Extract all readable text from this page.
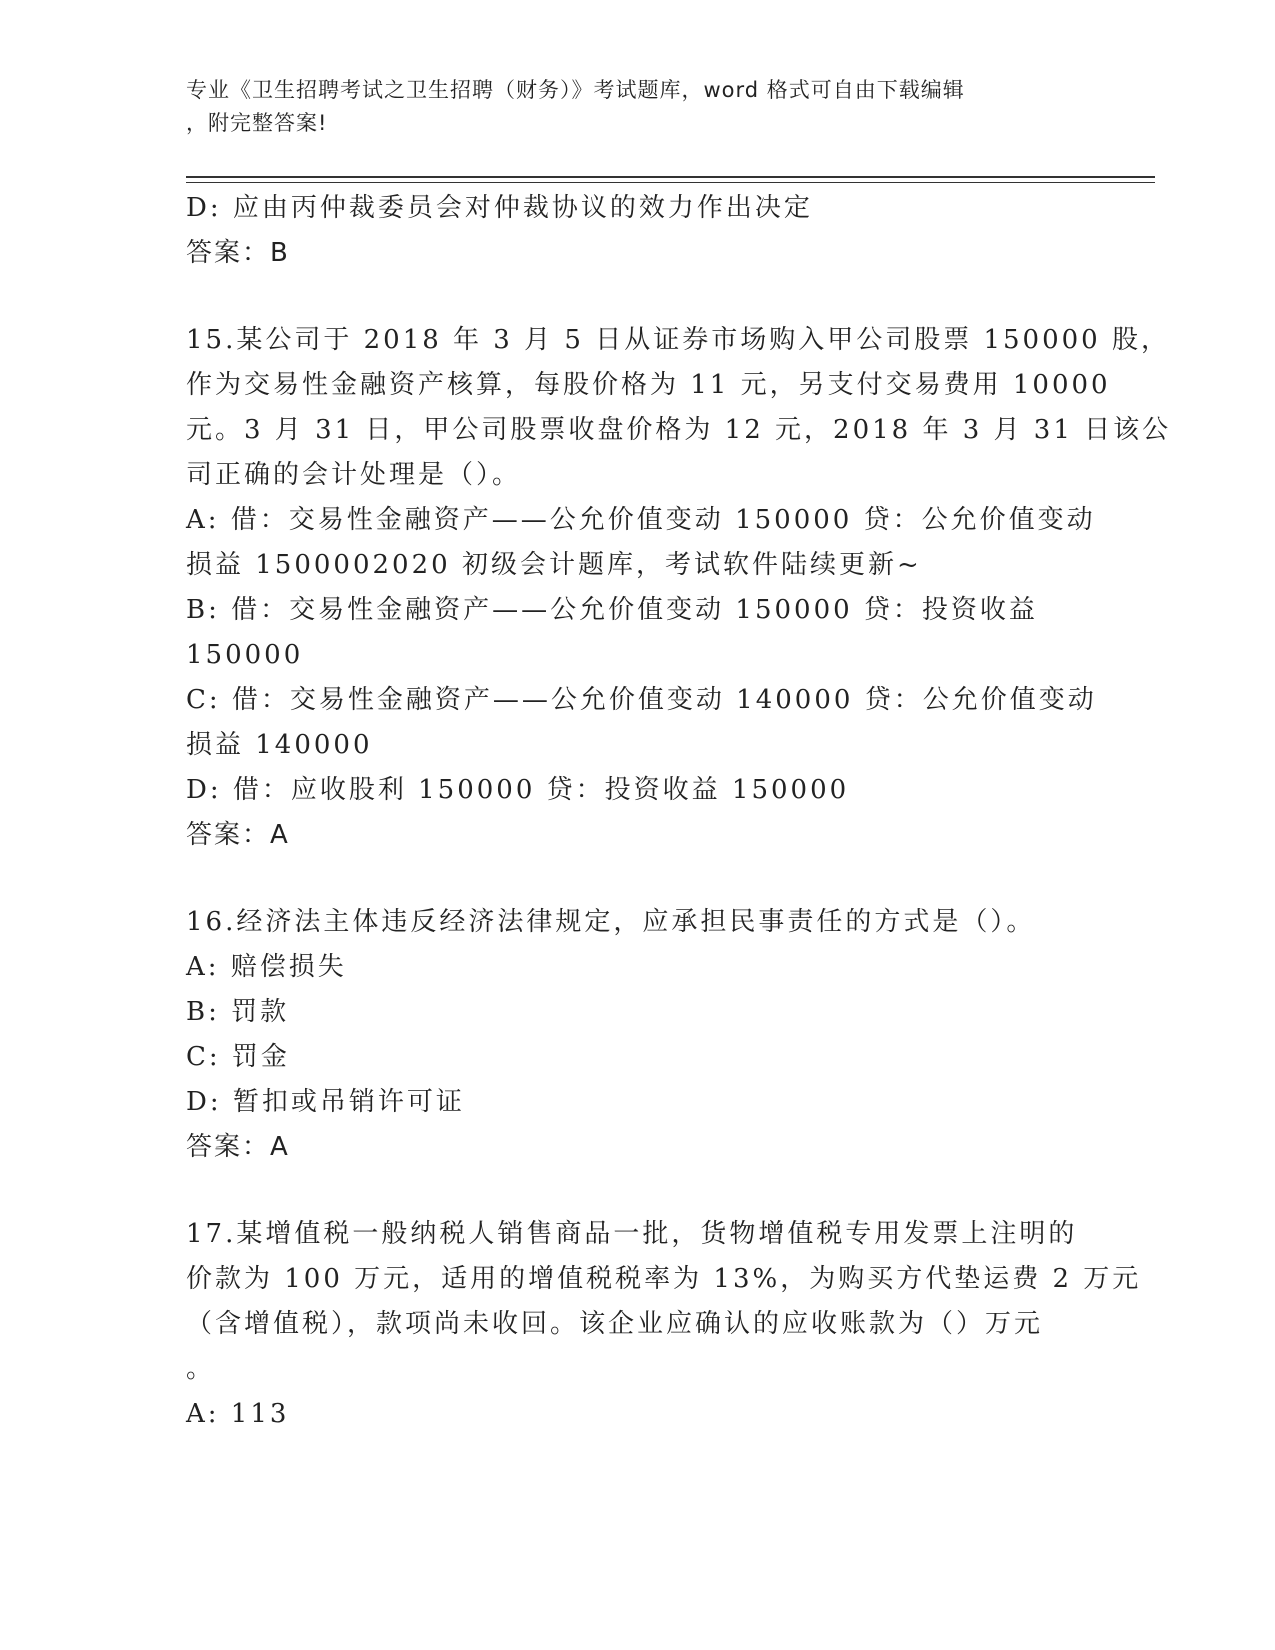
专业《卫生招聘考试之卫生招聘（财务）》考试题库，word 格式可自由下载编辑
，附完整答案!
D: 应由丙仲裁委员会对仲裁协议的效力作出决定
答案：B
15.某公司于 2018 年 3 月 5 日从证券市场购入甲公司股票 150000 股，
作为交易性金融资产核算，每股价格为 11 元，另支付交易费用 10000
元。3 月 31 日，甲公司股票收盘价格为 12 元，2018 年 3 月 31 日该公
司正确的会计处理是（）。
A: 借：交易性金融资产——公允价值变动 150000 贷：公允价值变动
损益 1500002020 初级会计题库，考试软件陆续更新~
B: 借：交易性金融资产——公允价值变动 150000 贷：投资收益
150000
C: 借：交易性金融资产——公允价值变动 140000 贷：公允价值变动
损益 140000
D: 借：应收股利 150000 贷：投资收益 150000
答案：A
16.经济法主体违反经济法律规定，应承担民事责任的方式是（）。
A: 赔偿损失
B: 罚款
C: 罚金
D: 暂扣或吊销许可证
答案：A
17.某增值税一般纳税人销售商品一批，货物增值税专用发票上注明的
价款为 100 万元，适用的增值税税率为 13%，为购买方代垫运费 2 万元
（含增值税），款项尚未收回。该企业应确认的应收账款为（）万元
。
A: 113
